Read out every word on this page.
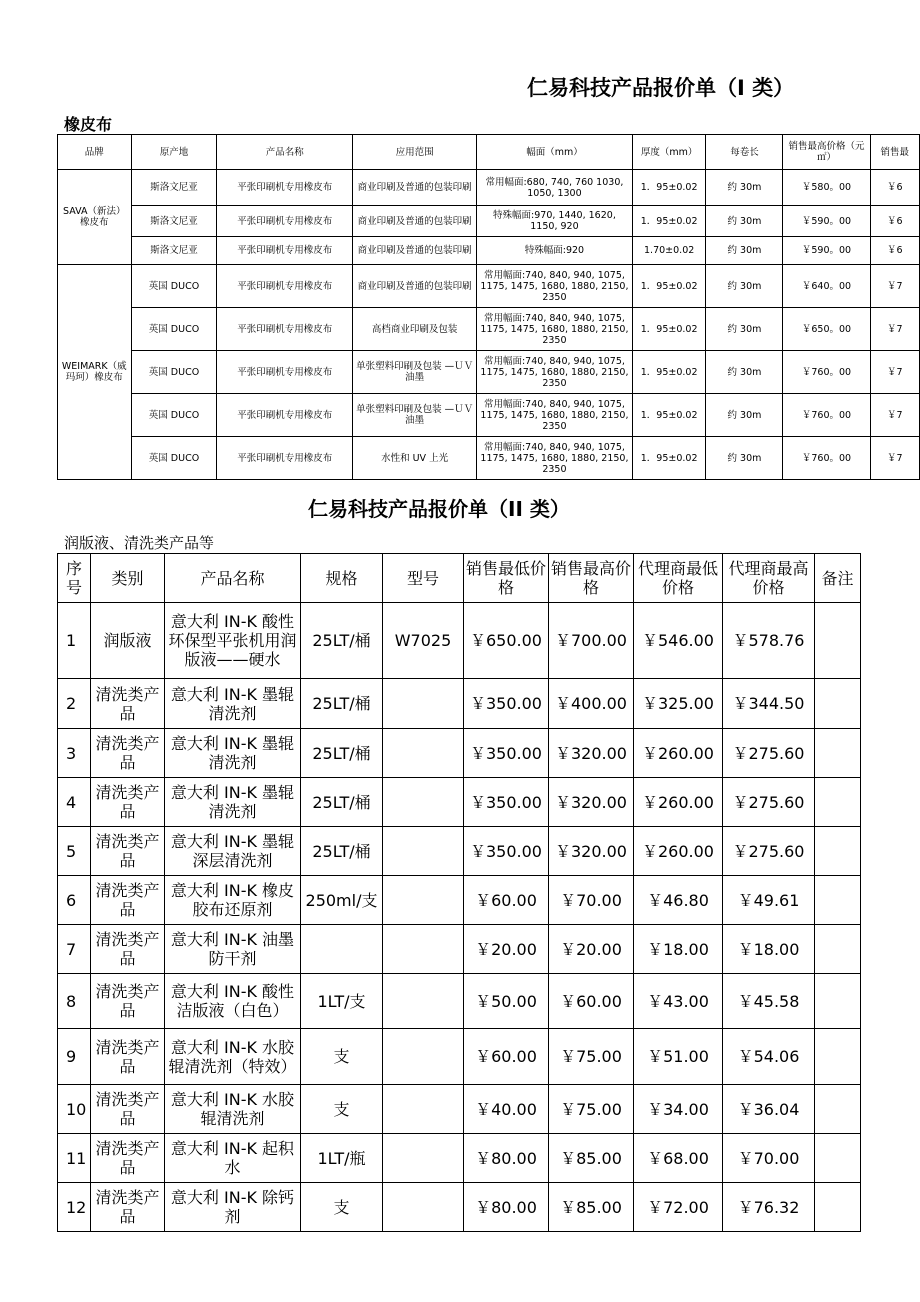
仁易科技产品报价单（I 类）
橡皮布
品牌	原产地	产品名称	应用范围	幅面（mm）	厚度（mm）	每卷长	销售最高价格（元㎡）	销售最
SAVA（新法）橡皮布	斯洛文尼亚	平张印刷机专用橡皮布	商业印刷及普通的包装印刷	常用幅面:680, 740, 760 1030, 1050, 1300	1．95±0.02	约 30m	￥580。00	￥6
	斯洛文尼亚	平张印刷机专用橡皮布	商业印刷及普通的包装印刷	特殊幅面:970, 1440, 1620, 1150, 920	1．95±0.02	约 30m	￥590。00	￥6
	斯洛文尼亚	平张印刷机专用橡皮布	商业印刷及普通的包装印刷	特殊幅面:920	1.70±0.02	约 30m	￥590。00	￥6
WEIMARK（威玛珂）橡皮布	英国 DUCO	平张印刷机专用橡皮布	商业印刷及普通的包装印刷	常用幅面:740, 840, 940, 1075, 1175, 1475, 1680, 1880, 2150, 2350	1．95±0.02	约 30m	￥640。00	￥7
	英国 DUCO	平张印刷机专用橡皮布	高档商业印刷及包装	常用幅面:740, 840, 940, 1075, 1175, 1475, 1680, 1880, 2150, 2350	1．95±0.02	约 30m	￥650。00	￥7
	英国 DUCO	平张印刷机专用橡皮布	单张塑料印刷及包装 —ＵＶ油墨	常用幅面:740, 840, 940, 1075, 1175, 1475, 1680, 1880, 2150, 2350	1．95±0.02	约 30m	￥760。00	￥7
	英国 DUCO	平张印刷机专用橡皮布	单张塑料印刷及包装 —ＵＶ油墨	常用幅面:740, 840, 940, 1075, 1175, 1475, 1680, 1880, 2150, 2350	1．95±0.02	约 30m	￥760。00	￥7
	英国 DUCO	平张印刷机专用橡皮布	水性和 UV 上光	常用幅面:740, 840, 940, 1075, 1175, 1475, 1680, 1880, 2150, 2350	1．95±0.02	约 30m	￥760。00	￥7
仁易科技产品报价单（II 类）
润版液、清洗类产品等
序号	类别	产品名称	规格	型号	销售最低价格	销售最高价格	代理商最低价格	代理商最高价格	备注
1	润版液	意大利 IN-K 酸性环保型平张机用润版液——硬水	25LT/桶	W7025	￥650.00	￥700.00	￥546.00	￥578.76	
2	清洗类产品	意大利 IN-K 墨辊清洗剂	25LT/桶		￥350.00	￥400.00	￥325.00	￥344.50	
3	清洗类产品	意大利 IN-K 墨辊清洗剂	25LT/桶		￥350.00	￥320.00	￥260.00	￥275.60	
4	清洗类产品	意大利 IN-K 墨辊清洗剂	25LT/桶		￥350.00	￥320.00	￥260.00	￥275.60	
5	清洗类产品	意大利 IN-K 墨辊深层清洗剂	25LT/桶		￥350.00	￥320.00	￥260.00	￥275.60	
6	清洗类产品	意大利 IN-K 橡皮胶布还原剂	250ml/支		￥60.00	￥70.00	￥46.80	￥49.61	
7	清洗类产品	意大利 IN-K 油墨防干剂			￥20.00	￥20.00	￥18.00	￥18.00	
8	清洗类产品	意大利 IN-K 酸性洁版液（白色）	1LT/支		￥50.00	￥60.00	￥43.00	￥45.58	
9	清洗类产品	意大利 IN-K 水胶辊清洗剂（特效）	支		￥60.00	￥75.00	￥51.00	￥54.06	
10	清洗类产品	意大利 IN-K 水胶辊清洗剂	支		￥40.00	￥75.00	￥34.00	￥36.04	
11	清洗类产品	意大利 IN-K 起积水	1LT/瓶		￥80.00	￥85.00	￥68.00	￥70.00	
12	清洗类产品	意大利 IN-K 除钙剂	支		￥80.00	￥85.00	￥72.00	￥76.32	
